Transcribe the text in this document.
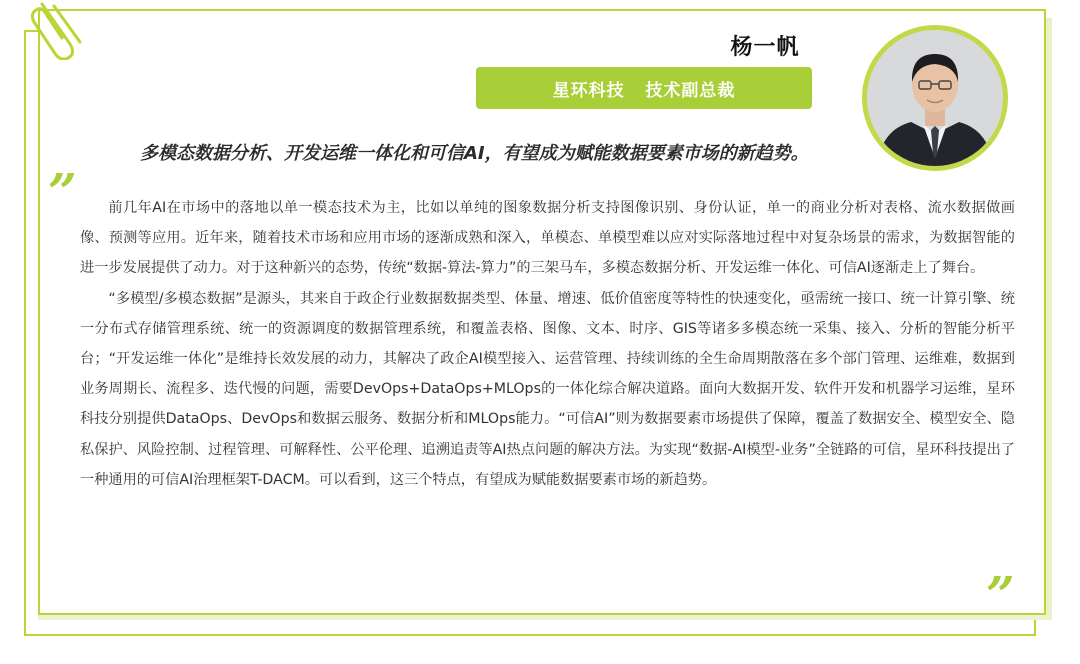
杨一帆
星环科技   技术副总裁
多模态数据分析、开发运维一体化和可信AI，有望成为赋能数据要素市场的新趋势。
”	前几年AI在市场中的落地以单一模态技术为主，比如以单纯的图象数据分析支持图像识别、身份认证，单一的商业分析对表格、流水数据做画像、预测等应用。近年来，随着技术市场和应用市场的逐渐成熟和深入，单模态、单模型难以应对实际落地过程中对复杂场景的需求，为数据智能的进一步发展提供了动力。对于这种新兴的态势，传统“数据-算法-算力”的三架马车，多模态数据分析、开发运维一体化、可信AI逐渐走上了舞台。

“多模型/多模态数据”是源头，其来自于政企行业数据数据类型、体量、增速、低价值密度等特性的快速变化，亟需统一接口、统一计算引擎、统一分布式存储管理系统、统一的资源调度的数据管理系统，和覆盖表格、图像、文本、时序、GIS等诸多多模态统一采集、接入、分析的智能分析平台；“开发运维一体化”是维持长效发展的动力，其解决了政企AI模型接入、运营管理、持续训练的全生命周期散落在多个部门管理、运维难，数据到业务周期长、流程多、迭代慢的问题，需要DevOps+DataOps+MLOps的一体化综合解决道路。面向大数据开发、软件开发和机器学习运维，星环科技分别提供DataOps、DevOps和数据云服务、数据分析和MLOps能力。“可信AI”则为数据要素市场提供了保障，覆盖了数据安全、模型安全、隐私保护、风险控制、过程管理、可解释性、公平伦理、追溯追责等AI热点问题的解决方法。为实现“数据-AI模型-业务”全链路的可信，星环科技提出了一种通用的可信AI治理框架T-DACM。可以看到，这三个特点，有望成为赋能数据要素市场的新趋势。

”
